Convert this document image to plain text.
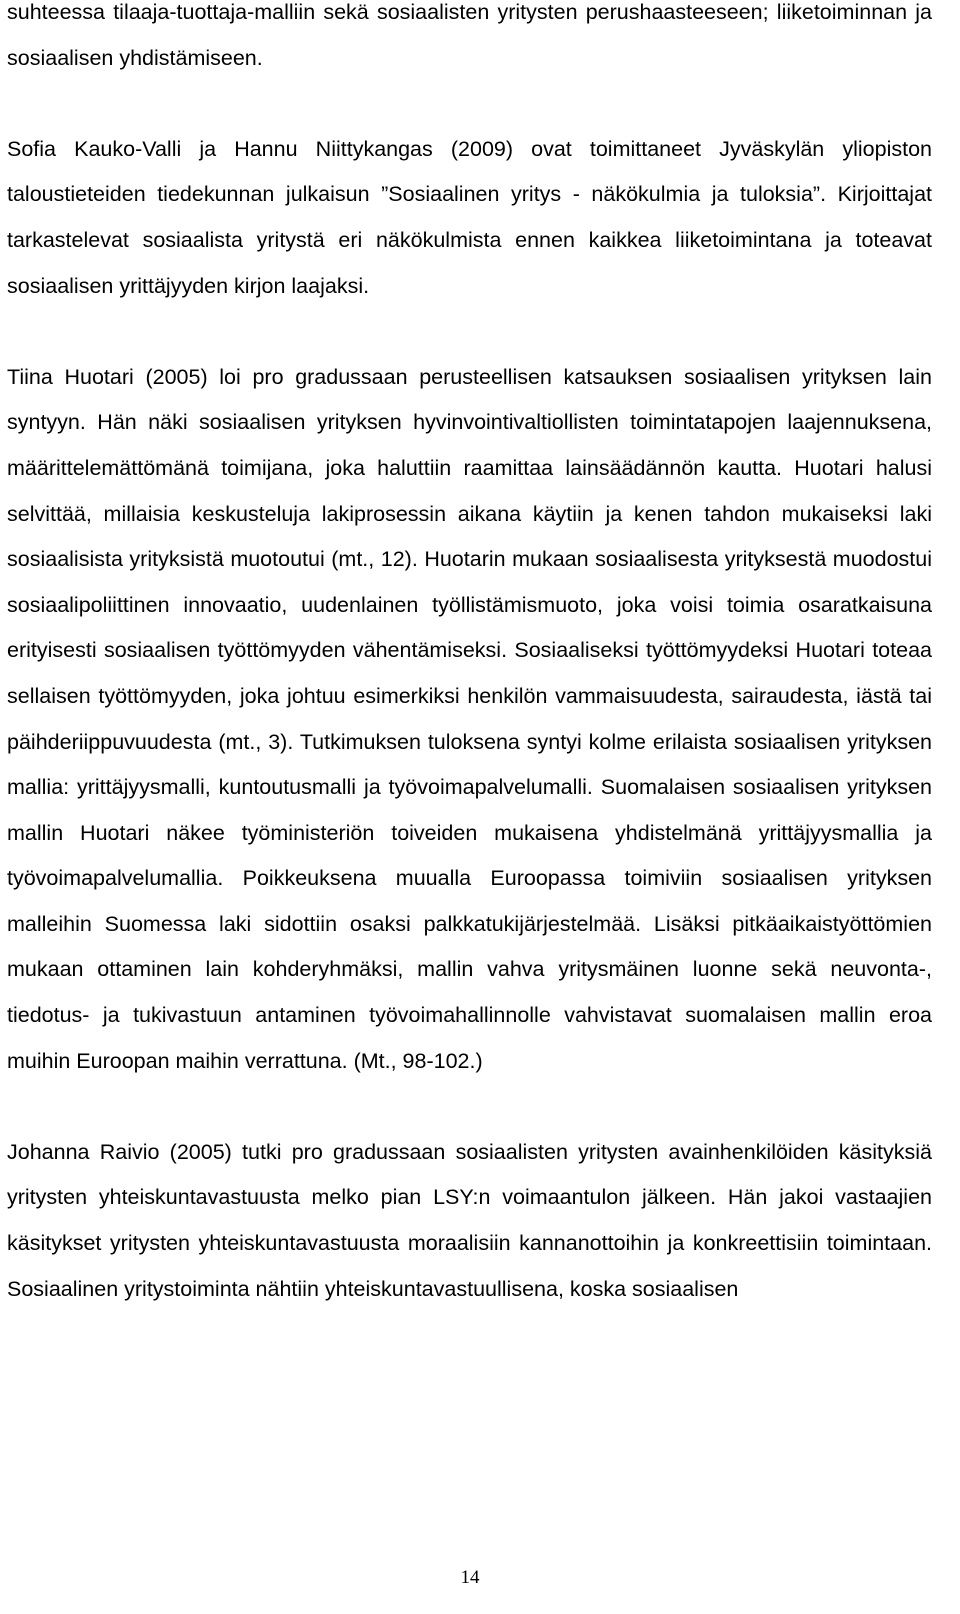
suhteessa tilaaja-tuottaja-malliin sekä sosiaalisten yritysten perushaasteeseen; liiketoiminnan ja sosiaalisen yhdistämiseen.

Sofia Kauko-Valli ja Hannu Niittykangas (2009) ovat toimittaneet Jyväskylän yliopiston taloustieteiden tiedekunnan julkaisun ”Sosiaalinen yritys - näkökulmia ja tuloksia”. Kirjoittajat tarkastelevat sosiaalista yritystä eri näkökulmista ennen kaikkea liiketoimintana ja toteavat sosiaalisen yrittäjyyden kirjon laajaksi.

Tiina Huotari (2005) loi pro gradussaan perusteellisen katsauksen sosiaalisen yrityksen lain syntyyn. Hän näki sosiaalisen yrityksen hyvinvointivaltiollisten toimintatapojen laajennuksena, määrittelemättömänä toimijana, joka haluttiin raamittaa lainsäädännön kautta. Huotari halusi selvittää, millaisia keskusteluja lakiprosessin aikana käytiin ja kenen tahdon mukaiseksi laki sosiaalisista yrityksistä muotoutui (mt., 12). Huotarin mukaan sosiaalisesta yrityksestä muodostui sosiaalipoliittinen innovaatio, uudenlainen työllistämismuoto, joka voisi toimia osaratkaisuna erityisesti sosiaalisen työttömyyden vähentämiseksi. Sosiaaliseksi työttömyydeksi Huotari toteaa sellaisen työttömyyden, joka johtuu esimerkiksi henkilön vammaisuudesta, sairaudesta, iästä tai päihderiippuvuudesta (mt., 3). Tutkimuksen tuloksena syntyi kolme erilaista sosiaalisen yrityksen mallia: yrittäjyysmalli, kuntoutusmalli ja työvoimapalvelumalli. Suomalaisen sosiaalisen yrityksen mallin Huotari näkee työministeriön toiveiden mukaisena yhdistelmänä yrittäjyysmallia ja työvoimapalvelumallia. Poikkeuksena muualla Euroopassa toimiviin sosiaalisen yrityksen malleihin Suomessa laki sidottiin osaksi palkkatukijärjestelmää. Lisäksi pitkäaikaistyöttömien mukaan ottaminen lain kohderyhmäksi, mallin vahva yritysmäinen luonne sekä neuvonta-, tiedotus- ja tukivastuun antaminen työvoimahallinnolle vahvistavat suomalaisen mallin eroa muihin Euroopan maihin verrattuna. (Mt., 98-102.)

Johanna Raivio (2005) tutki pro gradussaan sosiaalisten yritysten avainhenkilöiden käsityksiä yritysten yhteiskuntavastuusta melko pian LSY:n voimaantulon jälkeen. Hän jakoi vastaajien käsitykset yritysten yhteiskuntavastuusta moraalisiin kannanottoihin ja konkreettisiin toimintaan. Sosiaalinen yritystoiminta nähtiin yhteiskuntavastuullisena, koska sosiaalisen

14
